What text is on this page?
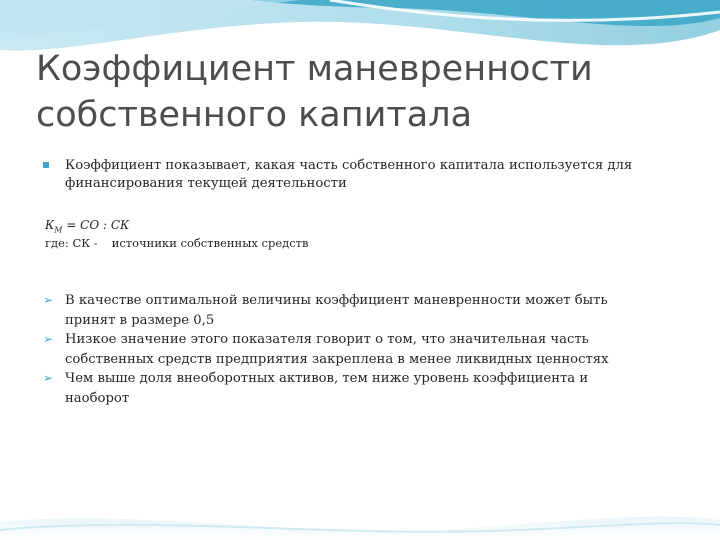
Коэффициент маневренности
собственного капитала
Коэффициент показывает, какая часть собственного капитала используется для
финансирования текущей деятельности
$К_M$ = СО : СК
где: СК - источники собственных средств
➢ В качестве оптимальной величины коэффициент маневренности может быть
принят в размере 0,5
➢ Низкое значение этого показателя говорит о том, что значительная часть
собственных средств предприятия закреплена в менее ликвидных ценностях
➢ Чем выше доля внеоборотных активов, тем ниже уровень коэффициента и
наоборот
